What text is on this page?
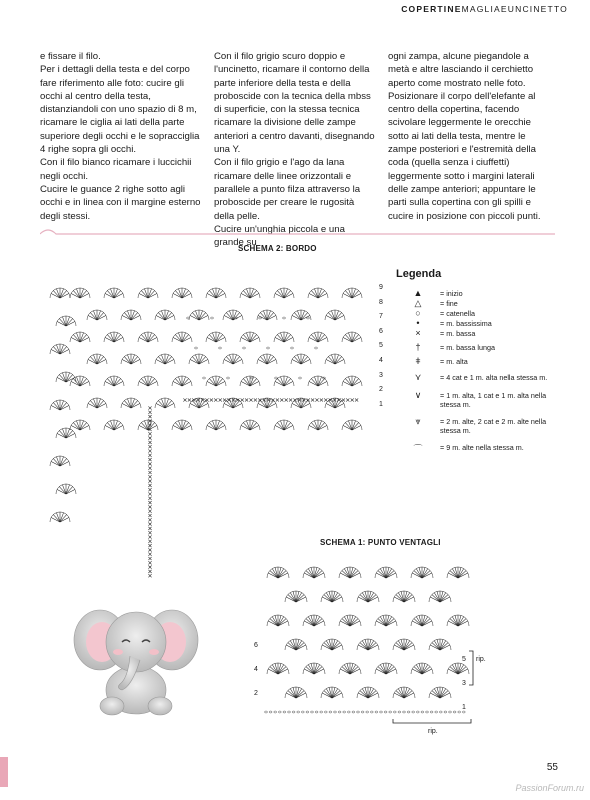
COPERTINEMAGLIAEUNCINETTO

e fissare il filo.

Per i dettagli della testa e del corpo fare riferimento alle foto: cucire gli occhi al centro della testa, distanziandoli con uno spazio di 8 m, ricamare le ciglia ai lati della parte superiore degli occhi e le sopracciglia 4 righe sopra gli occhi.

Con il filo bianco ricamare i luccichii negli occhi.

Cucire le guance 2 righe sotto agli occhi e in linea con il margine esterno degli stessi.

Con il filo grigio scuro doppio e l'uncinetto, ricamare il contorno della parte inferiore della testa e della proboscide con la tecnica della mbss di superficie, con la stessa tecnica ricamare la divisione delle zampe anteriori a centro davanti, disegnando una Y.

Con il filo grigio e l'ago da lana ricamare delle linee orizzontali e parallele a punto filza attraverso la proboscide per creare le rugosità della pelle.

Cucire un'unghia piccola e una grande su

ogni zampa, alcune piegandole a metà e altre lasciando il cerchietto aperto come mostrato nelle foto.

Posizionare il corpo dell'elefante al centro della copertina, facendo scivolare leggermente le orecchie sotto ai lati della testa, mentre le zampe posteriori e l'estremità della coda (quella senza i ciuffetti) leggermente sotto i margini laterali delle zampe anteriori; appuntare le parti sulla copertina con gli spilli e cucire in posizione con piccoli punti.

SCHEMA 2: BORDO
9
8
7
6
5
4
3
2
1
Legenda
▲	= inizio
△	= fine
○	= catenella
•	= m. bassissima
×	= m. bassa
†	= m. bassa lunga
ǂ	= m. alta
⋎	= 4 cat e 1 m. alta nella stessa m.
∨	= 1 m. alta, 1 cat e 1 m. alta nella stessa m.
⩔	= 2 m. alte, 2 cat e 2 m. alte nella stessa m.
⌒	= 9 m. alte nella stessa m.
SCHEMA 1: PUNTO VENTAGLI
6
4
2
5
3
1
rip.
rip.
55
PassionForum.ru
